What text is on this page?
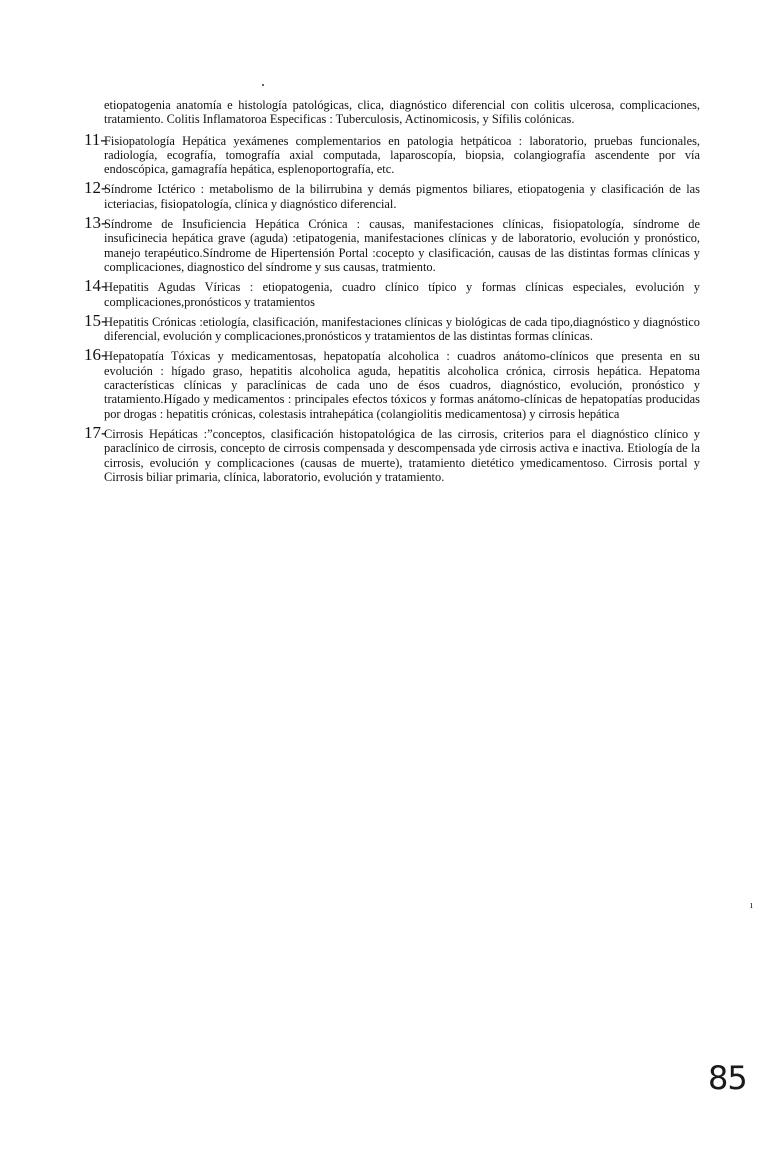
etiopatogenia anatomía e histología patológicas, clica, diagnóstico diferencial con colitis ulcerosa, complicaciones, tratamiento. Colitis Inflamatoroa Especificas : Tuberculosis, Actinomicosis, y Sífilis colónicas.

11-
Fisiopatología Hepática yexámenes complementarios en patologia hetpáticoa : laboratorio, pruebas funcionales, radiología, ecografía, tomografía axial computada, laparoscopía, biopsia, colangiografía ascendente por vía endoscópica, gamagrafía hepática, esplenoportografía, etc.
12-
Síndrome Ictérico : metabolismo de la bilirrubina y demás pigmentos biliares, etiopatogenia y clasificación de las icteriacias, fisiopatología, clínica y diagnóstico diferencial.
13-
Síndrome de Insuficiencia Hepática Crónica : causas, manifestaciones clínicas, fisiopatología, síndrome de insuficinecia hepática grave (aguda) :etipatogenia, manifestaciones clínicas y de laboratorio, evolución y pronóstico, manejo terapéutico.Síndrome de Hipertensión Portal :cocepto y clasificación, causas de las distintas formas clínicas y complicaciones, diagnostico del síndrome y sus causas, tratmiento.
14-
Hepatitis Agudas Víricas : etiopatogenia, cuadro clínico típico y formas clínicas especiales, evolución y complicaciones,pronósticos y tratamientos
15-
Hepatitis Crónicas :etiología, clasificación, manifestaciones clínicas y biológicas de cada tipo,diagnóstico y diagnóstico diferencial, evolución y complicaciones,pronósticos y tratamientos de las distintas formas clínicas.
16-
Hepatopatía Tóxicas y medicamentosas, hepatopatía alcoholica : cuadros anátomo-clínicos que presenta en su evolución : hígado graso, hepatitis alcoholica aguda, hepatitis alcoholica crónica, cirrosis hepática. Hepatoma características clínicas y paraclínicas de cada uno de ésos cuadros, diagnóstico, evolución, pronóstico y tratamiento.Hígado y medicamentos : principales efectos tóxicos y formas anátomo-clínicas de hepatopatías producidas por drogas : hepatitis crónicas, colestasis intrahepática (colangiolitis medicamentosa) y cirrosis hepática
17-
Cirrosis Hepáticas :”conceptos, clasificación histopatológica de las cirrosis, criterios para el diagnóstico clínico y paraclínico de cirrosis, concepto de cirrosis compensada y descompensada yde cirrosis activa e inactiva. Etiología de la cirrosis, evolución y complicaciones (causas de muerte), tratamiento dietético ymedicamentoso. Cirrosis portal y Cirrosis biliar primaria, clínica, laboratorio, evolución y tratamiento.
ı
85
